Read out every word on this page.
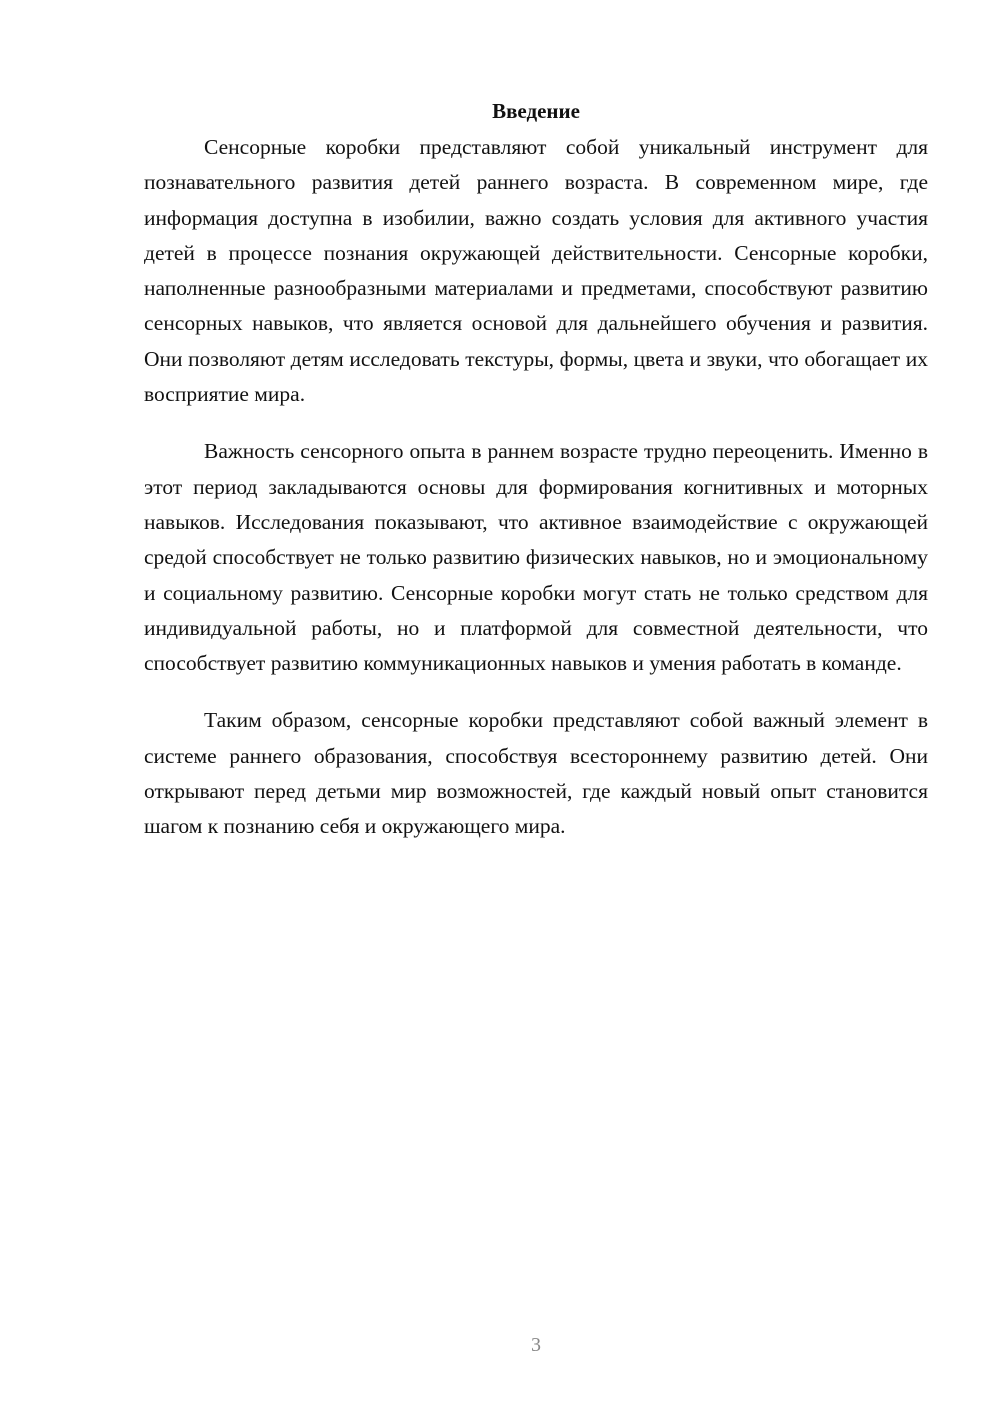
Введение

Сенсорные коробки представляют собой уникальный инструмент для познавательного развития детей раннего возраста. В современном мире, где информация доступна в изобилии, важно создать условия для активного участия детей в процессе познания окружающей действительности. Сенсорные коробки, наполненные разнообразными материалами и предметами, способствуют развитию сенсорных навыков, что является основой для дальнейшего обучения и развития. Они позволяют детям исследовать текстуры, формы, цвета и звуки, что обогащает их восприятие мира.

Важность сенсорного опыта в раннем возрасте трудно переоценить. Именно в этот период закладываются основы для формирования когнитивных и моторных навыков. Исследования показывают, что активное взаимодействие с окружающей средой способствует не только развитию физических навыков, но и эмоциональному и социальному развитию. Сенсорные коробки могут стать не только средством для индивидуальной работы, но и платформой для совместной деятельности, что способствует развитию коммуникационных навыков и умения работать в команде.

Таким образом, сенсорные коробки представляют собой важный элемент в системе раннего образования, способствуя всестороннему развитию детей. Они открывают перед детьми мир возможностей, где каждый новый опыт становится шагом к познанию себя и окружающего мира.

3
